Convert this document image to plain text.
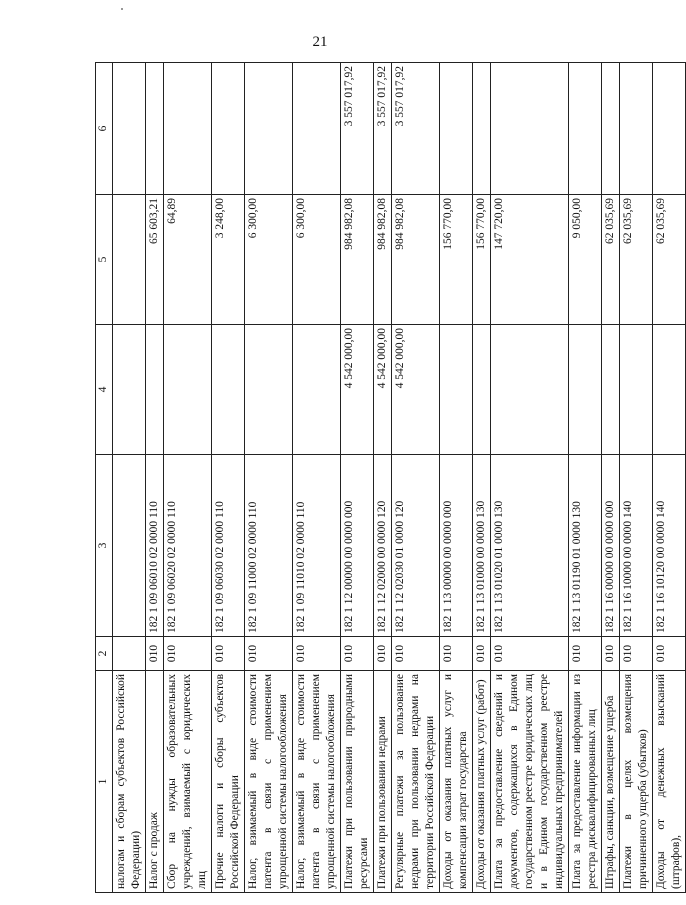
21
1	2	3	4	5	6
налогам и сборам субъектов Российской Федерации)					
Налог с продаж	010	182 1 09 06010 02 0000 110		65 603,21	
Сбор на нужды образовательных учреждений, взимаемый с юридических лиц	010	182 1 09 06020 02 0000 110		64,89	
Прочие налоги и сборы субъектов Российской Федерации	010	182 1 09 06030 02 0000 110		3 248,00	
Налог, взимаемый в виде стоимости патента в связи с применением упрощенной системы налогообложения	010	182 1 09 11000 02 0000 110		6 300,00	
Налог, взимаемый в виде стоимости патента в связи с применением упрощенной системы налогообложения	010	182 1 09 11010 02 0000 110		6 300,00	
Платежи при пользовании природными ресурсами	010	182 1 12 00000 00 0000 000	4 542 000,00	984 982,08	3 557 017,92
Платежи при пользовании недрами	010	182 1 12 02000 00 0000 120	4 542 000,00	984 982,08	3 557 017,92
Регулярные платежи за пользование недрами при пользовании недрами на территории Российской Федерации	010	182 1 12 02030 01 0000 120	4 542 000,00	984 982,08	3 557 017,92
Доходы от оказания платных услуг и компенсации затрат государства	010	182 1 13 00000 00 0000 000		156 770,00	
Доходы от оказания платных услуг (работ)	010	182 1 13 01000 00 0000 130		156 770,00	
Плата за предоставление сведений и документов, содержащихся в Едином государственном реестре юридических лиц и в Едином государственном реестре индивидуальных предпринимателей	010	182 1 13 01020 01 0000 130		147 720,00	
Плата за предоставление информации из реестра дисквалифицированных лиц	010	182 1 13 01190 01 0000 130		9 050,00	
Штрафы, санкции, возмещение ущерба	010	182 1 16 00000 00 0000 000		62 035,69	
Платежи в целях возмещения причиненного ущерба (убытков)	010	182 1 16 10000 00 0000 140		62 035,69	
Доходы от денежных взысканий (штрафов),	010	182 1 16 10120 00 0000 140		62 035,69	
